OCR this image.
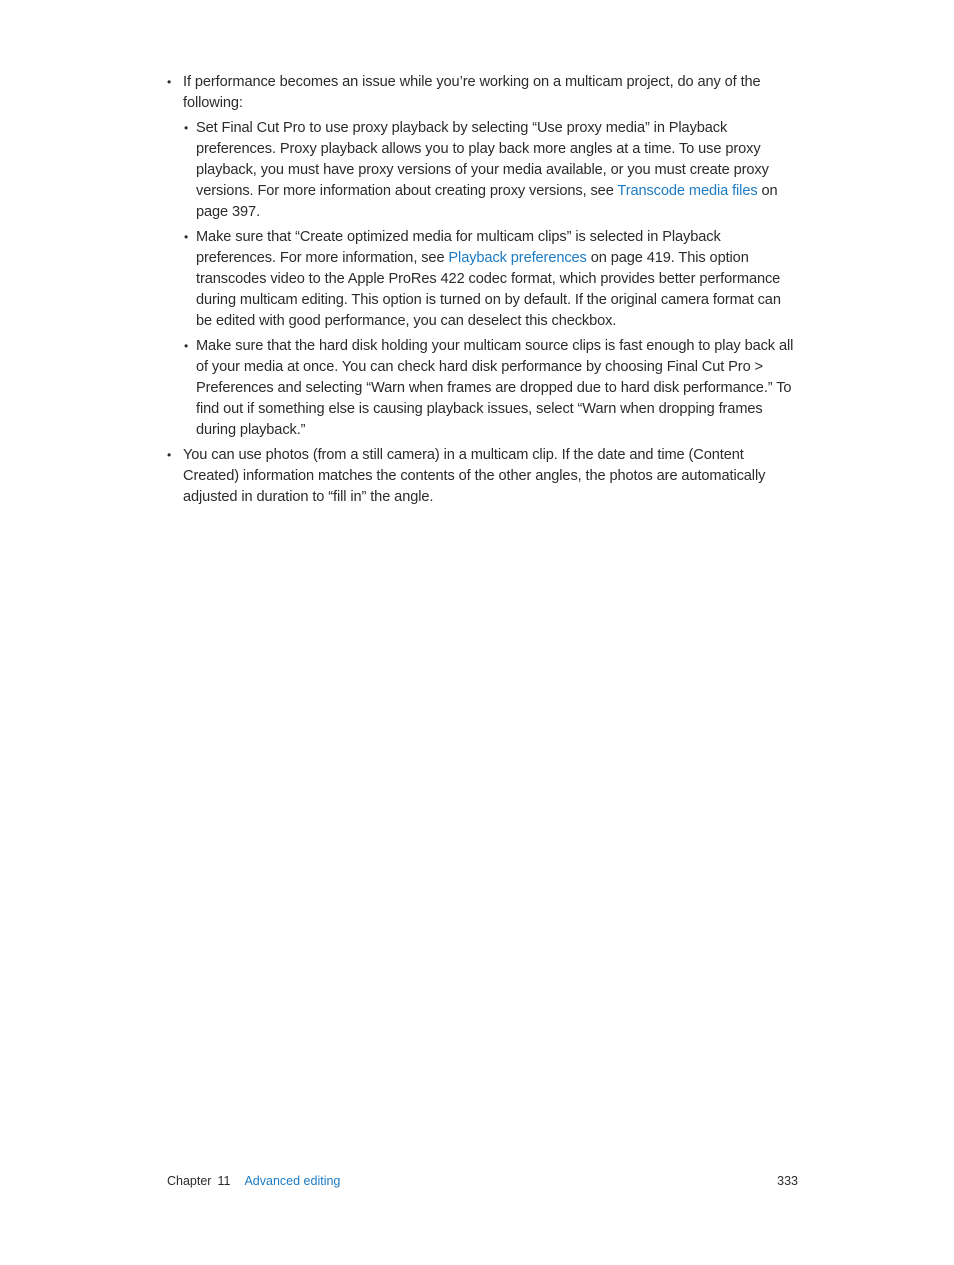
• If performance becomes an issue while you’re working on a multicam project, do any of the following:
• Set Final Cut Pro to use proxy playback by selecting “Use proxy media” in Playback preferences. Proxy playback allows you to play back more angles at a time. To use proxy playback, you must have proxy versions of your media available, or you must create proxy versions. For more information about creating proxy versions, see Transcode media files on page 397.
• Make sure that “Create optimized media for multicam clips” is selected in Playback preferences. For more information, see Playback preferences on page 419. This option transcodes video to the Apple ProRes 422 codec format, which provides better performance during multicam editing. This option is turned on by default. If the original camera format can be edited with good performance, you can deselect this checkbox.
• Make sure that the hard disk holding your multicam source clips is fast enough to play back all of your media at once. You can check hard disk performance by choosing Final Cut Pro > Preferences and selecting “Warn when frames are dropped due to hard disk performance.” To find out if something else is causing playback issues, select “Warn when dropping frames during playback.”
• You can use photos (from a still camera) in a multicam clip. If the date and time (Content Created) information matches the contents of the other angles, the photos are automatically adjusted in duration to “fill in” the angle.
Chapter 11 Advanced editing	333
